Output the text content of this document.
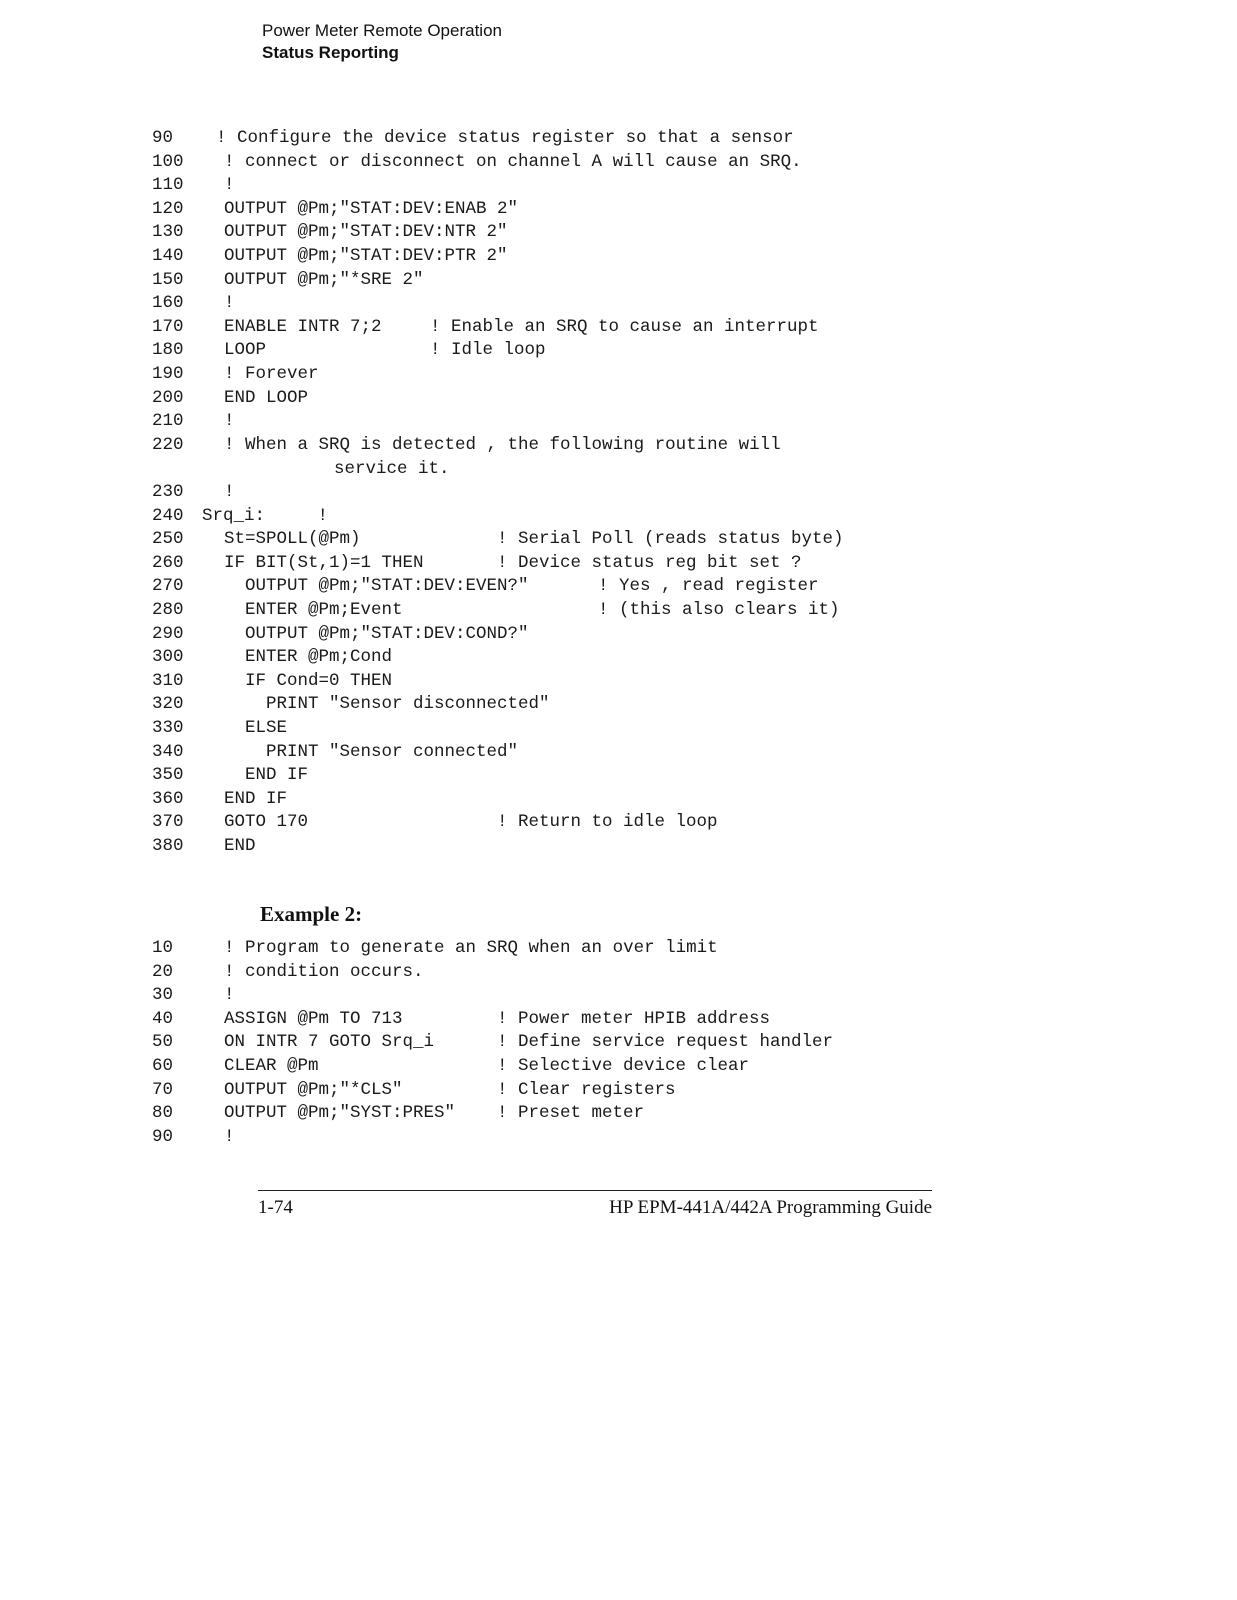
Power Meter Remote Operation
Status Reporting
90 ! Configure the device status register so that a sensor
100 ! connect or disconnect on channel A will cause an SRQ.
110 !
120 OUTPUT @Pm;"STAT:DEV:ENAB 2"
130 OUTPUT @Pm;"STAT:DEV:NTR 2"
140 OUTPUT @Pm;"STAT:DEV:PTR 2"
150 OUTPUT @Pm;"*SRE 2"
160 !
170 ENABLE INTR 7;2	! Enable an SRQ to cause an interrupt
180 LOOP	! Idle loop
190 ! Forever
200 END LOOP
210 !
220 ! When a SRQ is detected , the following routine will
service it.
230 !
240 Srq_i:     !
250 St=SPOLL(@Pm)	! Serial Poll (reads status byte)
260 IF BIT(St,1)=1 THEN	! Device status reg bit set ?
270 OUTPUT @Pm;"STAT:DEV:EVEN?"	! Yes , read register
280 ENTER @Pm;Event	! (this also clears it)
290 OUTPUT @Pm;"STAT:DEV:COND?"
300 ENTER @Pm;Cond
310 IF Cond=0 THEN
320 PRINT "Sensor disconnected"
330 ELSE
340 PRINT "Sensor connected"
350 END IF
360 END IF
370 GOTO 170	! Return to idle loop
380 END
Example 2:
10	! Program to generate an SRQ when an over limit
20	! condition occurs.
30	!
40	ASSIGN @Pm TO 713	! Power meter HPIB address
50	ON INTR 7 GOTO Srq_i	! Define service request handler
60	CLEAR @Pm	! Selective device clear
70	OUTPUT @Pm;"*CLS"	! Clear registers
80	OUTPUT @Pm;"SYST:PRES" ! Preset meter
90	!
1-74	HP EPM-441A/442A Programming Guide
